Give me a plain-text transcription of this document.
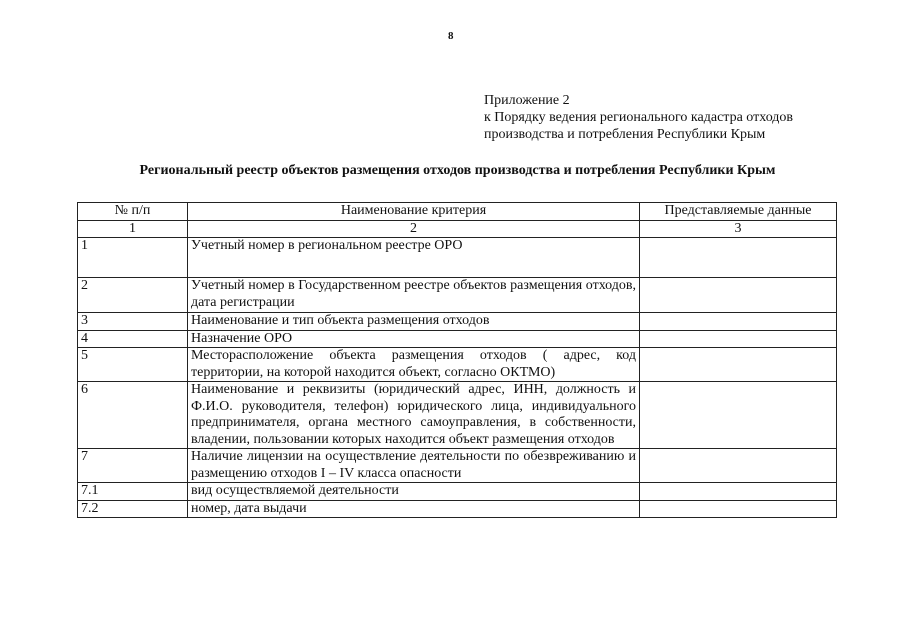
8
Приложение 2
к Порядку ведения регионального кадастра отходов
производства и потребления Республики Крым
Региональный реестр объектов размещения отходов производства и потребления Республики Крым
№ п/п	Наименование критерия	Представляемые данные
1	2	3
1	Учетный номер в региональном реестре ОРО	
2	Учетный номер в Государственном реестре объектов размещения отходов, дата регистрации	
3	Наименование и тип объекта размещения отходов	
4	Назначение ОРО	
5	Месторасположение объекта размещения отходов ( адрес, код территории, на которой находится объект, согласно ОКТМО)	
6	Наименование и реквизиты (юридический адрес, ИНН, должность и Ф.И.О. руководителя, телефон) юридического лица, индивидуального предпринимателя, органа местного самоуправления, в собственности, владении, пользовании которых находится объект размещения отходов	
7	Наличие лицензии на осуществление деятельности по обезвреживанию и размещению отходов I – IV класса опасности	
7.1	вид осуществляемой деятельности	
7.2	номер, дата выдачи	
